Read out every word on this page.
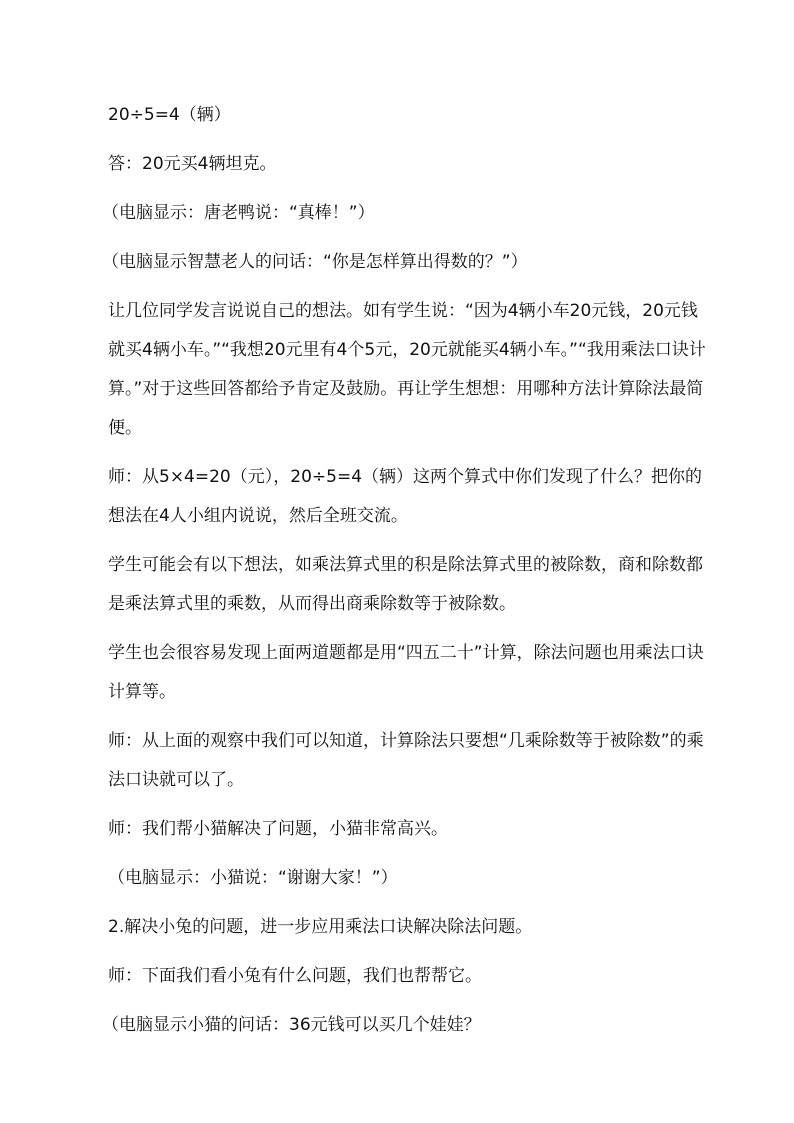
20÷5=4（辆）

答：20元买4辆坦克。

（电脑显示：唐老鸭说：“真棒！”）

（电脑显示智慧老人的问话：“你是怎样算出得数的？”）

让几位同学发言说说自己的想法。如有学生说：“因为4辆小车20元钱，20元钱就买4辆小车。”“我想20元里有4个5元，20元就能买4辆小车。”“我用乘法口诀计算。”对于这些回答都给予肯定及鼓励。再让学生想想：用哪种方法计算除法最简便。

师：从5×4=20（元），20÷5=4（辆）这两个算式中你们发现了什么？把你的想法在4人小组内说说，然后全班交流。

学生可能会有以下想法，如乘法算式里的积是除法算式里的被除数，商和除数都是乘法算式里的乘数，从而得出商乘除数等于被除数。

学生也会很容易发现上面两道题都是用“四五二十”计算，除法问题也用乘法口诀计算等。

师：从上面的观察中我们可以知道，计算除法只要想“几乘除数等于被除数”的乘法口诀就可以了。

师：我们帮小猫解决了问题，小猫非常高兴。

（电脑显示：小猫说：“谢谢大家！”）

2.解决小兔的问题，进一步应用乘法口诀解决除法问题。

师：下面我们看小兔有什么问题，我们也帮帮它。

（电脑显示小猫的问话：36元钱可以买几个娃娃？
